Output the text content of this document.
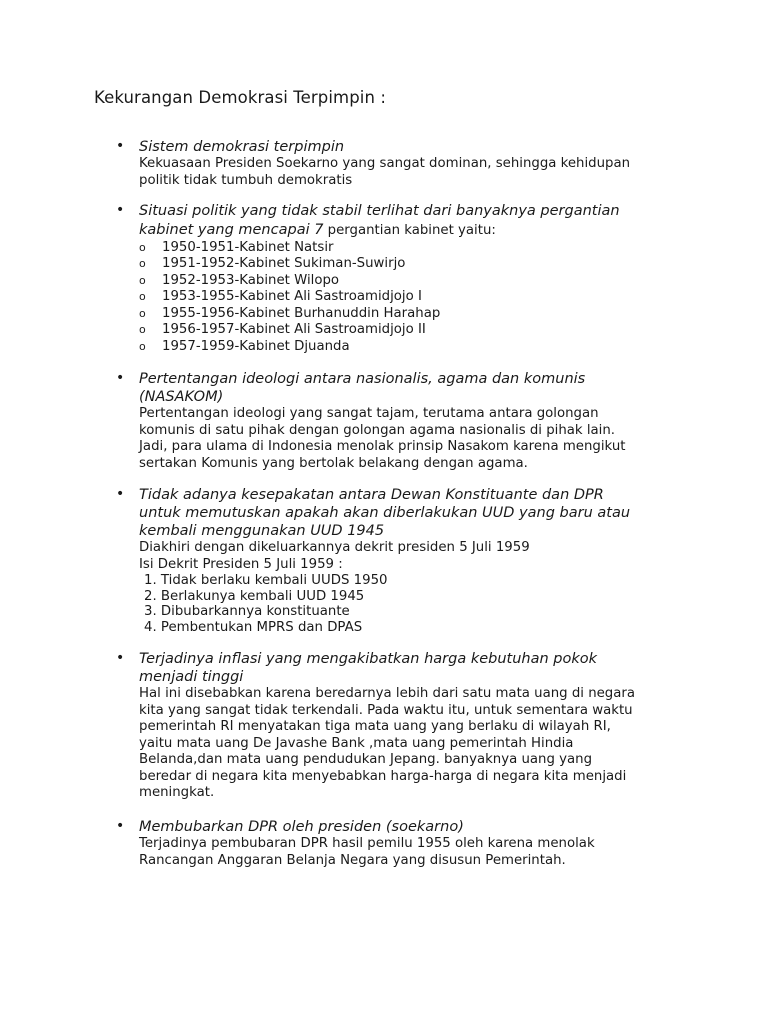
Kekurangan Demokrasi Terpimpin :
• Sistem demokrasi terpimpin
Kekuasaan Presiden Soekarno yang sangat dominan, sehingga kehidupan
politik tidak tumbuh demokratis
• Situasi politik yang tidak stabil terlihat dari banyaknya pergantian
kabinet yang mencapai 7 pergantian kabinet yaitu:
o 1950-1951-Kabinet Natsir
o 1951-1952-Kabinet Sukiman-Suwirjo
o 1952-1953-Kabinet Wilopo
o 1953-1955-Kabinet Ali Sastroamidjojo I
o 1955-1956-Kabinet Burhanuddin Harahap
o 1956-1957-Kabinet Ali Sastroamidjojo II
o 1957-1959-Kabinet Djuanda
• Pertentangan ideologi antara nasionalis, agama dan komunis
(NASAKOM)
Pertentangan ideologi yang sangat tajam, terutama antara golongan
komunis di satu pihak dengan golongan agama nasionalis di pihak lain.
Jadi, para ulama di Indonesia menolak prinsip Nasakom karena mengikut
sertakan Komunis yang bertolak belakang dengan agama.
• Tidak adanya kesepakatan antara Dewan Konstituante dan DPR
untuk memutuskan apakah akan diberlakukan UUD yang baru atau
kembali menggunakan UUD 1945
Diakhiri dengan dikeluarkannya dekrit presiden 5 Juli 1959
Isi Dekrit Presiden 5 Juli 1959 :
1. Tidak berlaku kembali UUDS 1950
2. Berlakunya kembali UUD 1945
3. Dibubarkannya konstituante
4. Pembentukan MPRS dan DPAS
• Terjadinya inflasi yang mengakibatkan harga kebutuhan pokok
menjadi tinggi
Hal ini disebabkan karena beredarnya lebih dari satu mata uang di negara
kita yang sangat tidak terkendali. Pada waktu itu, untuk sementara waktu
pemerintah RI menyatakan tiga mata uang yang berlaku di wilayah RI,
yaitu mata uang De Javashe Bank ,mata uang pemerintah Hindia
Belanda,dan mata uang pendudukan Jepang. banyaknya uang yang
beredar di negara kita menyebabkan harga-harga di negara kita menjadi
meningkat.
• Membubarkan DPR oleh presiden (soekarno)
Terjadinya pembubaran DPR hasil pemilu 1955 oleh karena menolak
Rancangan Anggaran Belanja Negara yang disusun Pemerintah.
